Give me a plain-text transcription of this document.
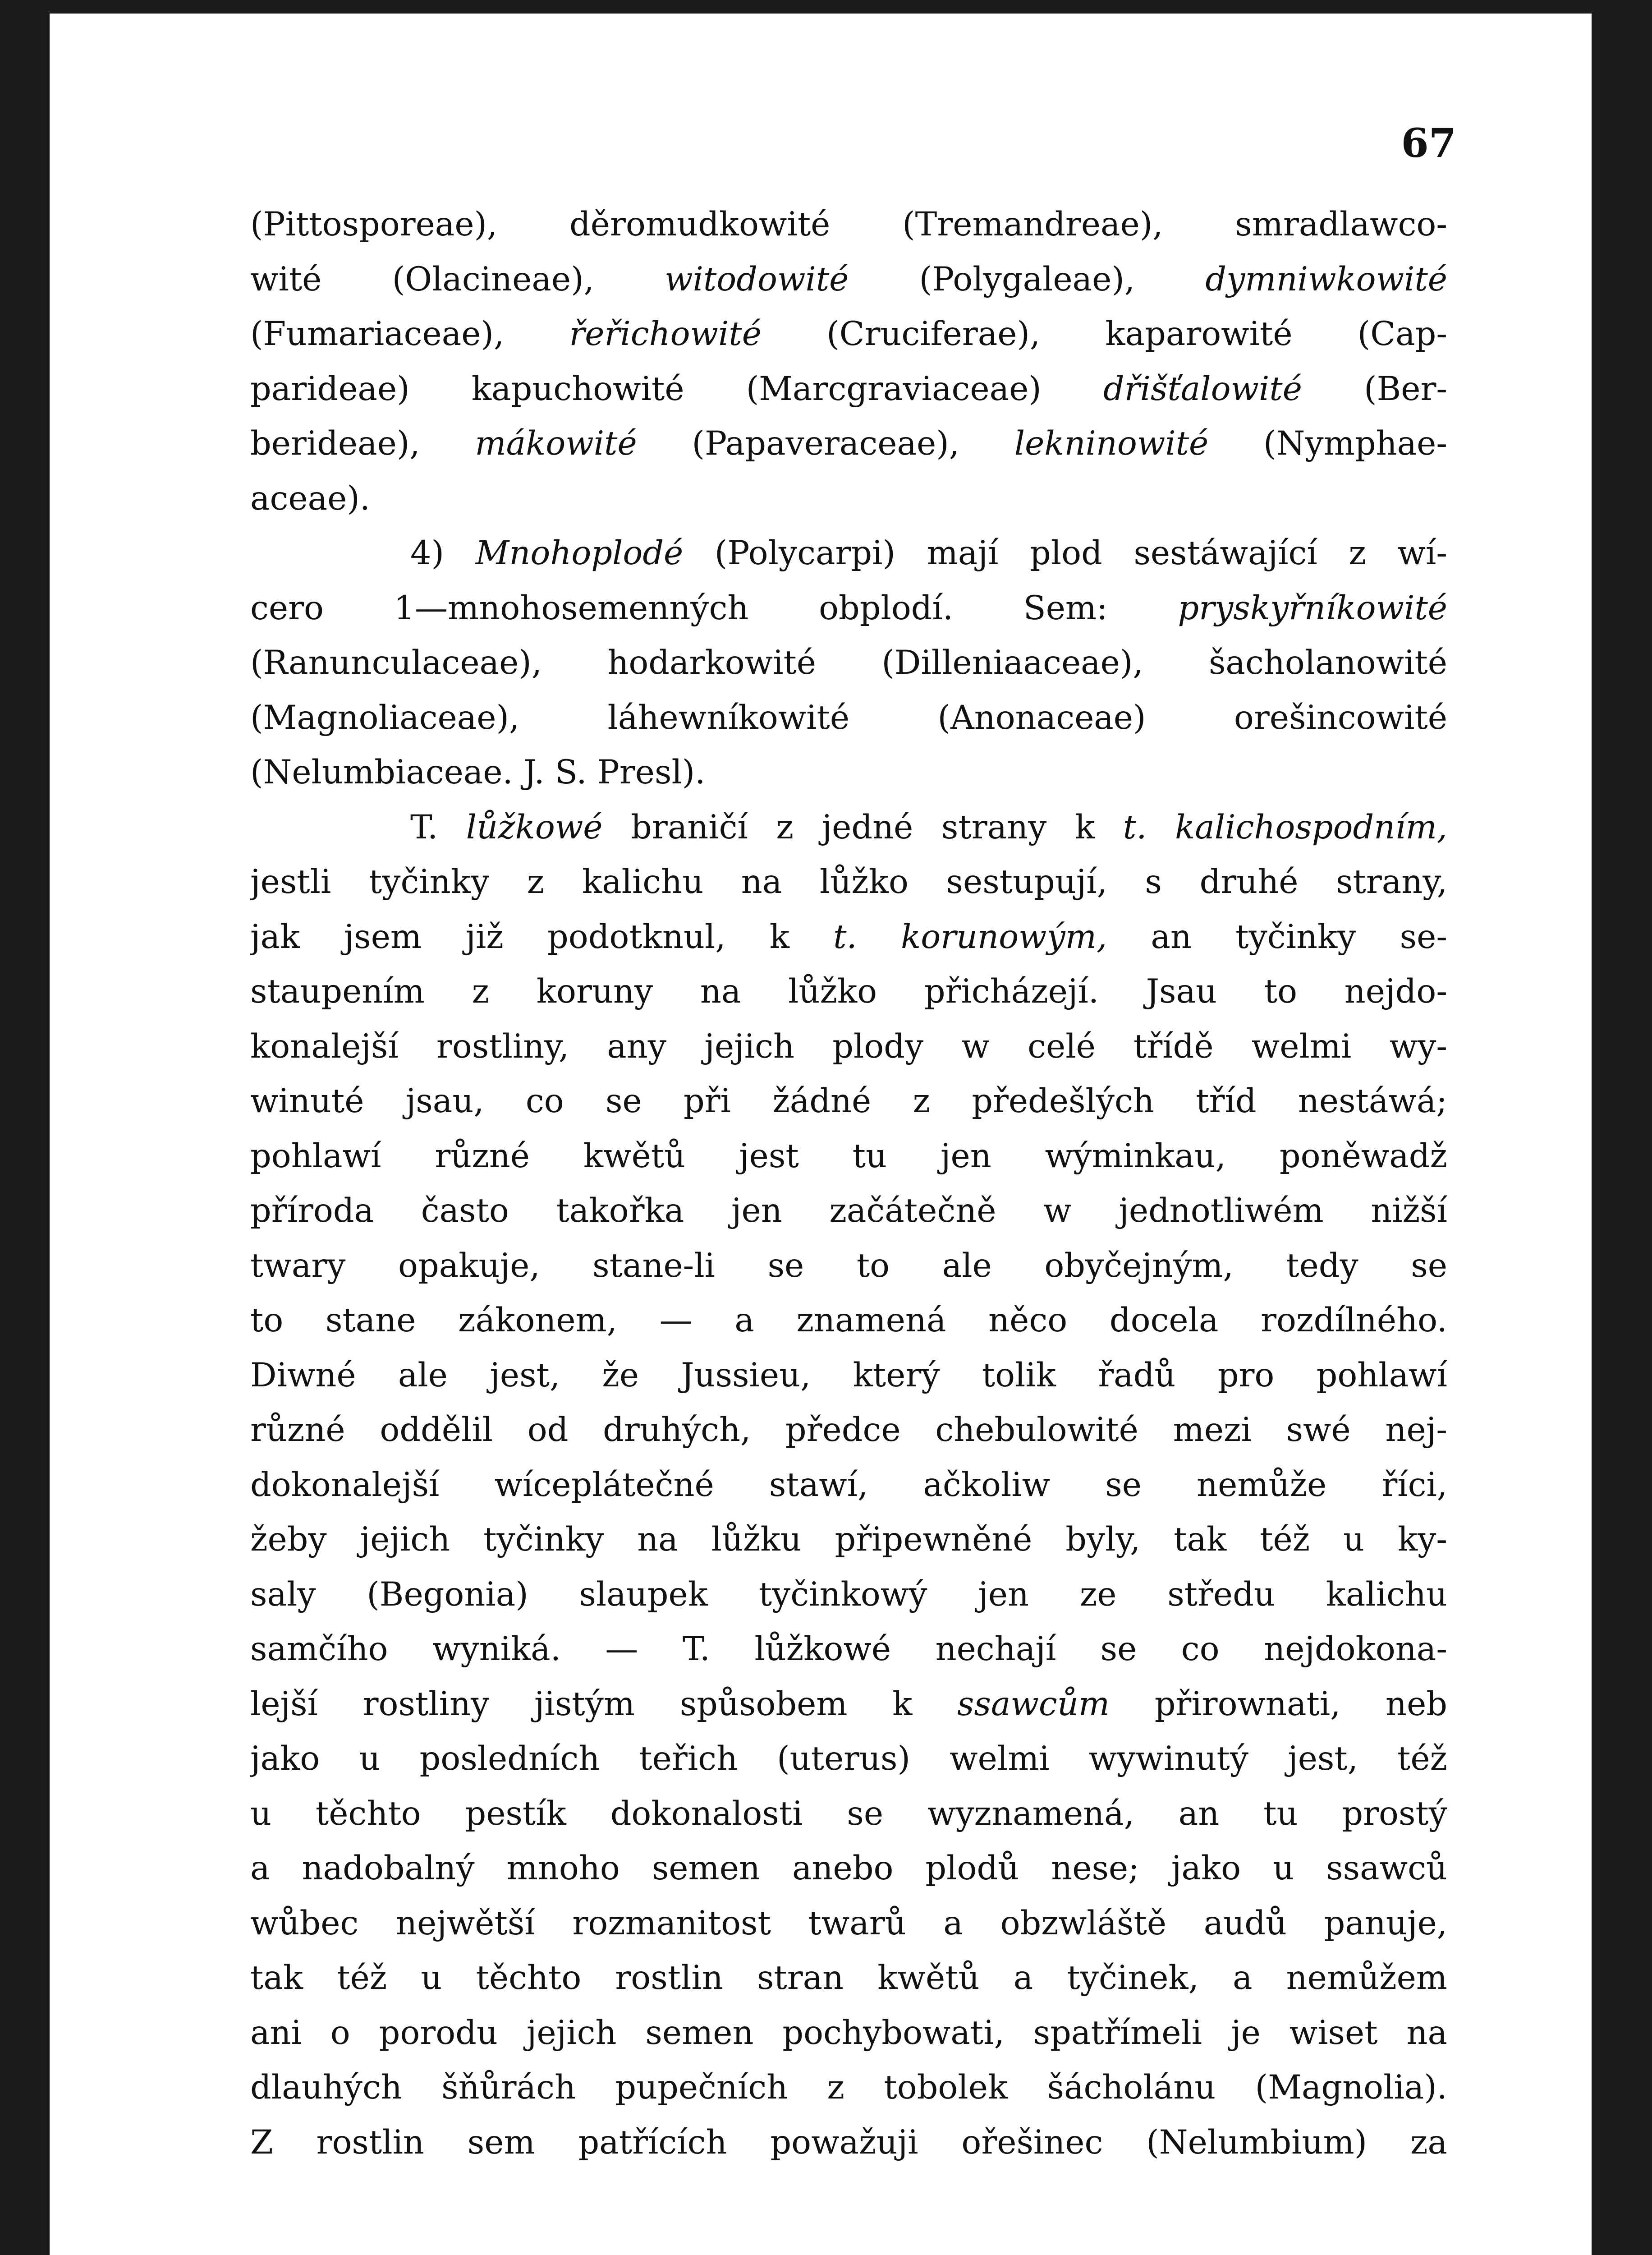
67
(Pittosporeae), děromudkowité (Tremandreae), smradlawco-
wité (Olacineae), witodowité (Polygaleae), dymniwkowité
(Fumariaceae), řeřichowité (Cruciferae), kaparowité (Cap-
parideae) kapuchowité (Marcgraviaceae) dřišťalowité (Ber-
berideae), mákowité (Papaveraceae), lekninowité (Nymphae-
aceae).
4) Mnohoplodé (Polycarpi) mají plod sestáwající z wí-
cero 1—mnohosemenných obplodí. Sem: pryskyřníkowité
(Ranunculaceae), hodarkowité (Dilleniaaceae), šacholanowité
(Magnoliaceae), láhewníkowité (Anonaceae) orešincowité
(Nelumbiaceae. J. S. Presl).
T. lůžkowé braničí z jedné strany k t. kalichospodním,
jestli tyčinky z kalichu na lůžko sestupují, s druhé strany,
jak jsem již podotknul, k t. korunowým, an tyčinky se-
staupením z koruny na lůžko přicházejí. Jsau to nejdo-
konalejší rostliny, any jejich plody w celé třídě welmi wy-
winuté jsau, co se při žádné z předešlých tříd nestáwá;
pohlawí různé kwětů jest tu jen wýminkau, poněwadž
příroda často takořka jen začátečně w jednotliwém nižší
twary opakuje, stane-li se to ale obyčejným, tedy se
to stane zákonem, — a znamená něco docela rozdílného.
Diwné ale jest, že Jussieu, který tolik řadů pro pohlawí
různé oddělil od druhých, předce chebulowité mezi swé nej-
dokonalejší wíceplátečné stawí, ačkoliw se nemůže říci,
žeby jejich tyčinky na lůžku připewněné byly, tak též u ky-
saly (Begonia) slaupek tyčinkowý jen ze středu kalichu
samčího wyniká. — T. lůžkowé nechají se co nejdokona-
lejší rostliny jistým spůsobem k ssawcům přirownati, neb
jako u posledních teřich (uterus) welmi wywinutý jest, též
u těchto pestík dokonalosti se wyznamená, an tu prostý
a nadobalný mnoho semen anebo plodů nese; jako u ssawců
wůbec nejwětší rozmanitost twarů a obzwláště audů panuje,
tak též u těchto rostlin stran kwětů a tyčinek, a nemůžem
ani o porodu jejich semen pochybowati, spatřímeli je wiset na
dlauhých šňůrách pupečních z tobolek šácholánu (Magnolia).
Z rostlin sem patřících powažuji ořešinec (Nelumbium) za
